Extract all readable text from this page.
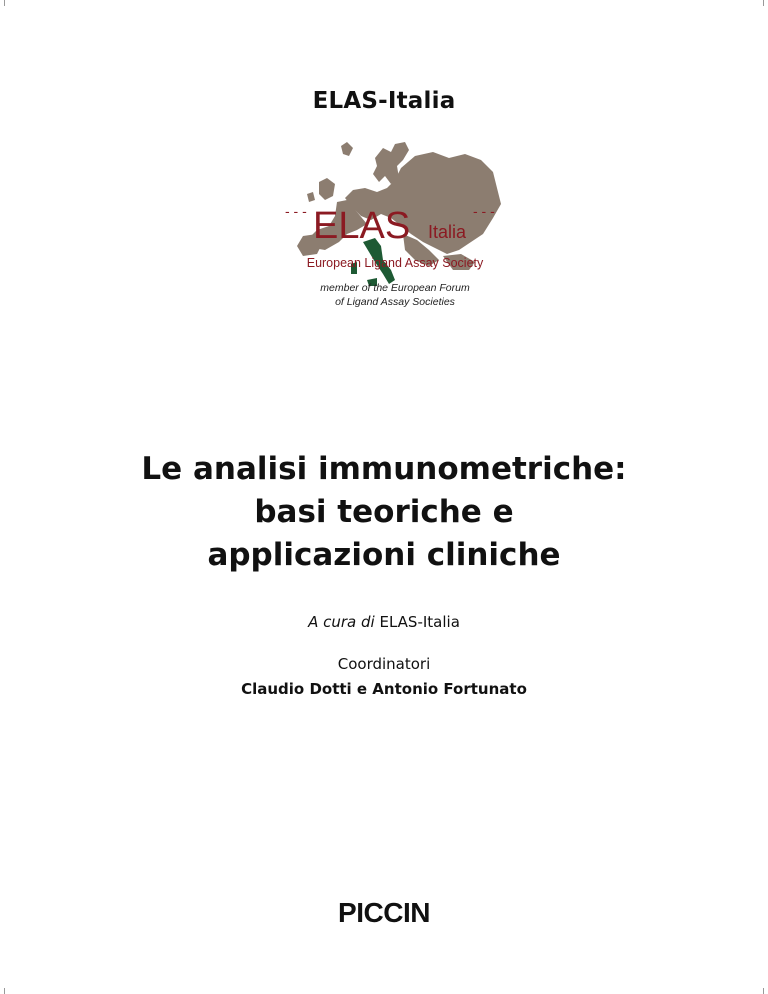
ELAS-Italia
- - -	- - -
ELAS Italia
European Ligand Assay Society
member of the European Forum
of Ligand Assay Societies
Le analisi immunometriche:
basi teoriche e
applicazioni cliniche
A cura di ELAS-Italia
Coordinatori
Claudio Dotti e Antonio Fortunato
PICCIN
